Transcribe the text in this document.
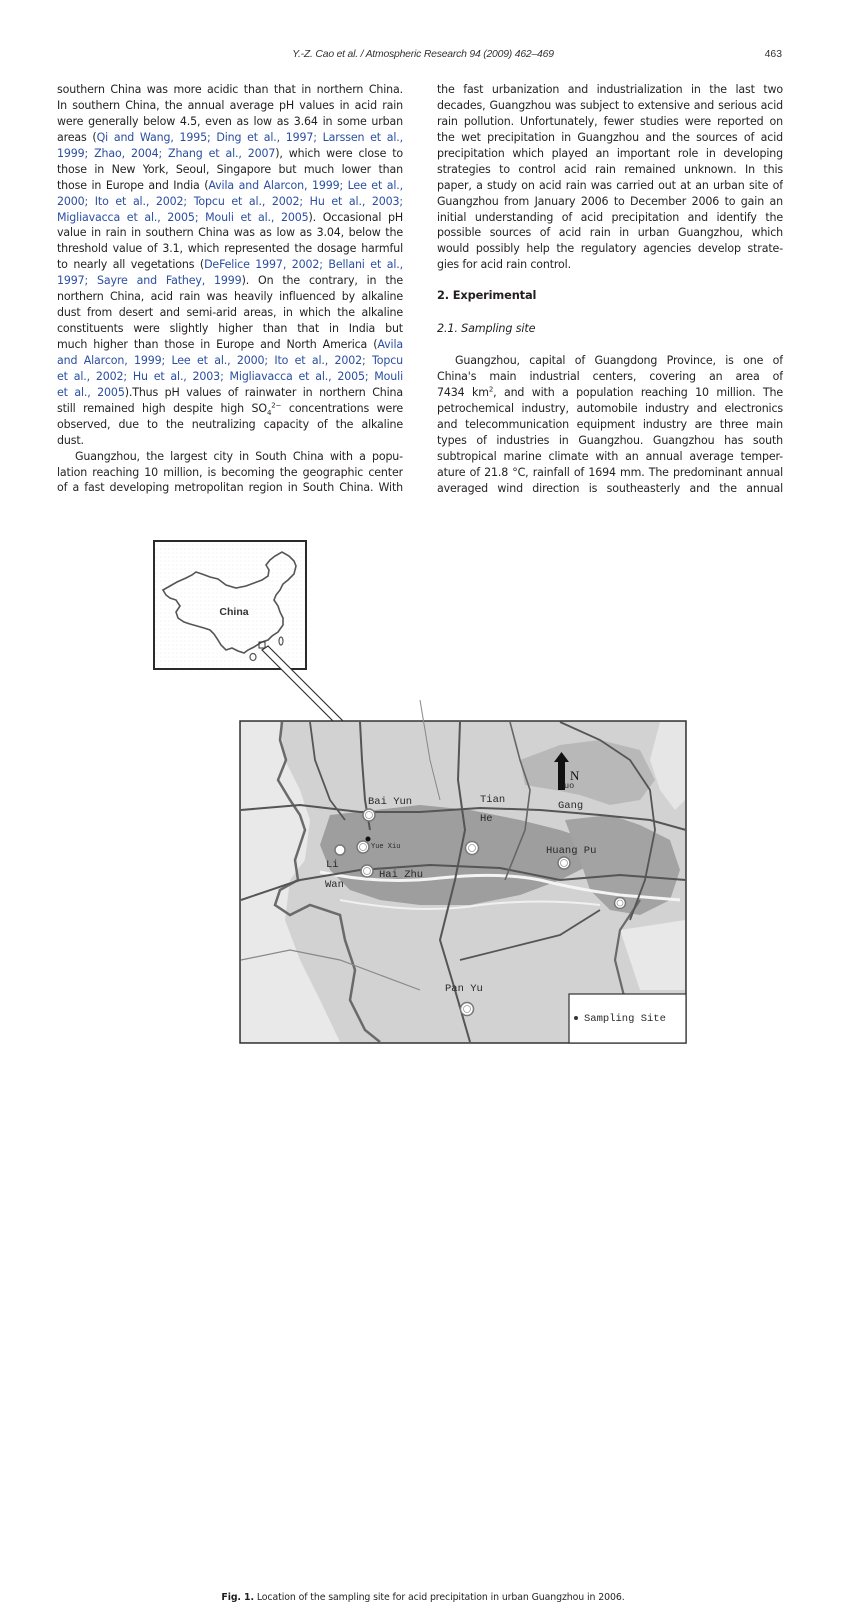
Y.-Z. Cao et al. / Atmospheric Research 94 (2009) 462–469	463
southern China was more acidic than that in northern China.
In southern China, the annual average pH values in acid rain
were generally below 4.5, even as low as 3.64 in some urban
areas (Qi and Wang, 1995; Ding et al., 1997; Larssen et al.,
1999; Zhao, 2004; Zhang et al., 2007), which were close to
those in New York, Seoul, Singapore but much lower than
those in Europe and India (Avila and Alarcon, 1999; Lee et al.,
2000; Ito et al., 2002; Topcu et al., 2002; Hu et al., 2003;
Migliavacca et al., 2005; Mouli et al., 2005). Occasional pH
value in rain in southern China was as low as 3.04, below the
threshold value of 3.1, which represented the dosage harmful
to nearly all vegetations (DeFelice 1997, 2002; Bellani et al.,
1997; Sayre and Fathey, 1999). On the contrary, in the
northern China, acid rain was heavily influenced by alkaline
dust from desert and semi-arid areas, in which the alkaline
constituents were slightly higher than that in India but
much higher than those in Europe and North America (Avila
and Alarcon, 1999; Lee et al., 2000; Ito et al., 2002; Topcu
et al., 2002; Hu et al., 2003; Migliavacca et al., 2005; Mouli
et al., 2005).Thus pH values of rainwater in northern China
still remained high despite high $SO_4^{2-}$ concentrations were
observed, due to the neutralizing capacity of the alkaline
dust.
Guangzhou, the largest city in South China with a popu-
lation reaching 10 million, is becoming the geographic center
of a fast developing metropolitan region in South China. With
the fast urbanization and industrialization in the last two
decades, Guangzhou was subject to extensive and serious acid
rain pollution. Unfortunately, fewer studies were reported on
the wet precipitation in Guangzhou and the sources of acid
precipitation which played an important role in developing
strategies to control acid rain remained unknown. In this
paper, a study on acid rain was carried out at an urban site of
Guangzhou from January 2006 to December 2006 to gain an
initial understanding of acid precipitation and identify the
possible sources of acid rain in urban Guangzhou, which
would possibly help the regulatory agencies develop strate-
gies for acid rain control.
2. Experimental
2.1. Sampling site
Guangzhou, capital of Guangdong Province, is one of
China's main industrial centers, covering an area of
7434 $km^2$, and with a population reaching 10 million. The
petrochemical industry, automobile industry and electronics
and telecommunication equipment industry are three main
types of industries in Guangzhou. Guangzhou has south
subtropical marine climate with an annual average temper-
ature of 21.8 °C, rainfall of 1694 mm. The predominant annual
averaged wind direction is southeasterly and the annual
China
N
Bai Yun	Tian
He
uo
Gang
Yue Xiu	Huang Pu
Li
Wan
Hai Zhu
Pan Yu
Sampling Site
Fig. 1. Location of the sampling site for acid precipitation in urban Guangzhou in 2006.
